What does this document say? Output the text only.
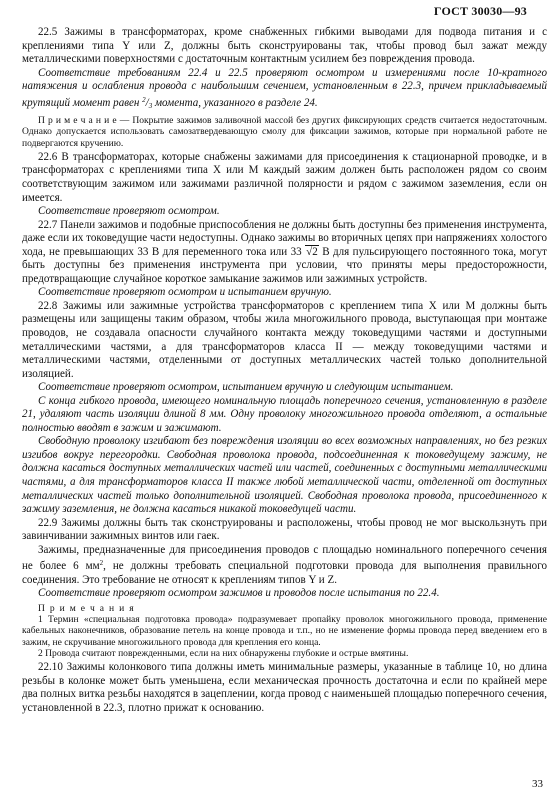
ГОСТ 30030—93

22.5 Зажимы в трансформаторах, кроме снабженных гибкими выводами для подвода питания и с креплениями типа Y или Z, должны быть сконструированы так, чтобы провод был зажат между металлическими поверхностями с достаточным контактным усилием без повреждения провода.

Соответствие требованиям 22.4 и 22.5 проверяют осмотром и измерениями после 10-кратного натяжения и ослабления провода с наибольшим сечением, установленным в 22.3, причем прикладываемый крутящий момент равен $^2/_3$ момента, указанного в разделе 24.

П р и м е ч а н и е — Покрытие зажимов заливочной массой без других фиксирующих средств считается недостаточным. Однако допускается использовать самозатвердевающую смолу для фиксации зажимов, которые при нормальной работе не подвергаются кручению.

22.6 В трансформаторах, которые снабжены зажимами для присоединения к стационарной проводке, и в трансформаторах с креплениями типа X или M каждый зажим должен быть расположен рядом со своим соответствующим зажимом или зажимами различной полярности и рядом с зажимом заземления, если он имеется.

Соответствие проверяют осмотром.

22.7 Панели зажимов и подобные приспособления не должны быть доступны без применения инструмента, даже если их токоведущие части недоступны. Однако зажимы во вторичных цепях при напряжениях холостого хода, не превышающих 33 В для переменного тока или 33 √2 В для пульсирующего постоянного тока, могут быть доступны без применения инструмента при условии, что приняты меры предосторожности, предотвращающие случайное короткое замыкание зажимов или зажимных устройств.

Соответствие проверяют осмотром и испытанием вручную.

22.8 Зажимы или зажимные устройства трансформаторов с креплением типа X или M должны быть размещены или защищены таким образом, чтобы жила многожильного провода, выступающая при монтаже проводов, не создавала опасности случайного контакта между токоведущими частями и доступными металлическими частями, а для трансформаторов класса II — между токоведущими частями и металлическими частями, отделенными от доступных металлических частей только дополнительной изоляцией.

Соответствие проверяют осмотром, испытанием вручную и следующим испытанием.

С конца гибкого провода, имеющего номинальную площадь поперечного сечения, установленную в разделе 21, удаляют часть изоляции длиной 8 мм. Одну проволоку многожильного провода отделяют, а остальные полностью вводят в зажим и зажимают.

Свободную проволоку изгибают без повреждения изоляции во всех возможных направлениях, но без резких изгибов вокруг перегородки. Свободная проволока провода, подсоединенная к токоведущему зажиму, не должна касаться доступных металлических частей или частей, соединенных с доступными металлическими частями, а для трансформаторов класса II также любой металлической части, отделенной от доступных металлических частей только дополнительной изоляцией. Свободная проволока провода, присоединенного к зажиму заземления, не должна касаться никакой токоведущей части.

22.9 Зажимы должны быть так сконструированы и расположены, чтобы провод не мог выскользнуть при завинчивании зажимных винтов или гаек.

Зажимы, предназначенные для присоединения проводов с площадью номинального поперечного сечения не более 6 $мм^2$, не должны требовать специальной подготовки провода для выполнения правильного соединения. Это требование не относят к креплениям типов Y и Z.

Соответствие проверяют осмотром зажимов и проводов после испытания по 22.4.

П р и м е ч а н и я

1 Термин «специальная подготовка провода» подразумевает пропайку проволок многожильного провода, применение кабельных наконечников, образование петель на конце провода и т.п., но не изменение формы провода перед введением его в зажим, не скручивание многожильного провода для крепления его конца.

2 Провода считают поврежденными, если на них обнаружены глубокие и острые вмятины.

22.10 Зажимы колонкового типа должны иметь минимальные размеры, указанные в таблице 10, но длина резьбы в колонке может быть уменьшена, если механическая прочность достаточна и если по крайней мере два полных витка резьбы находятся в зацеплении, когда провод с наименьшей площадью поперечного сечения, установленной в 22.3, плотно прижат к основанию.

33
